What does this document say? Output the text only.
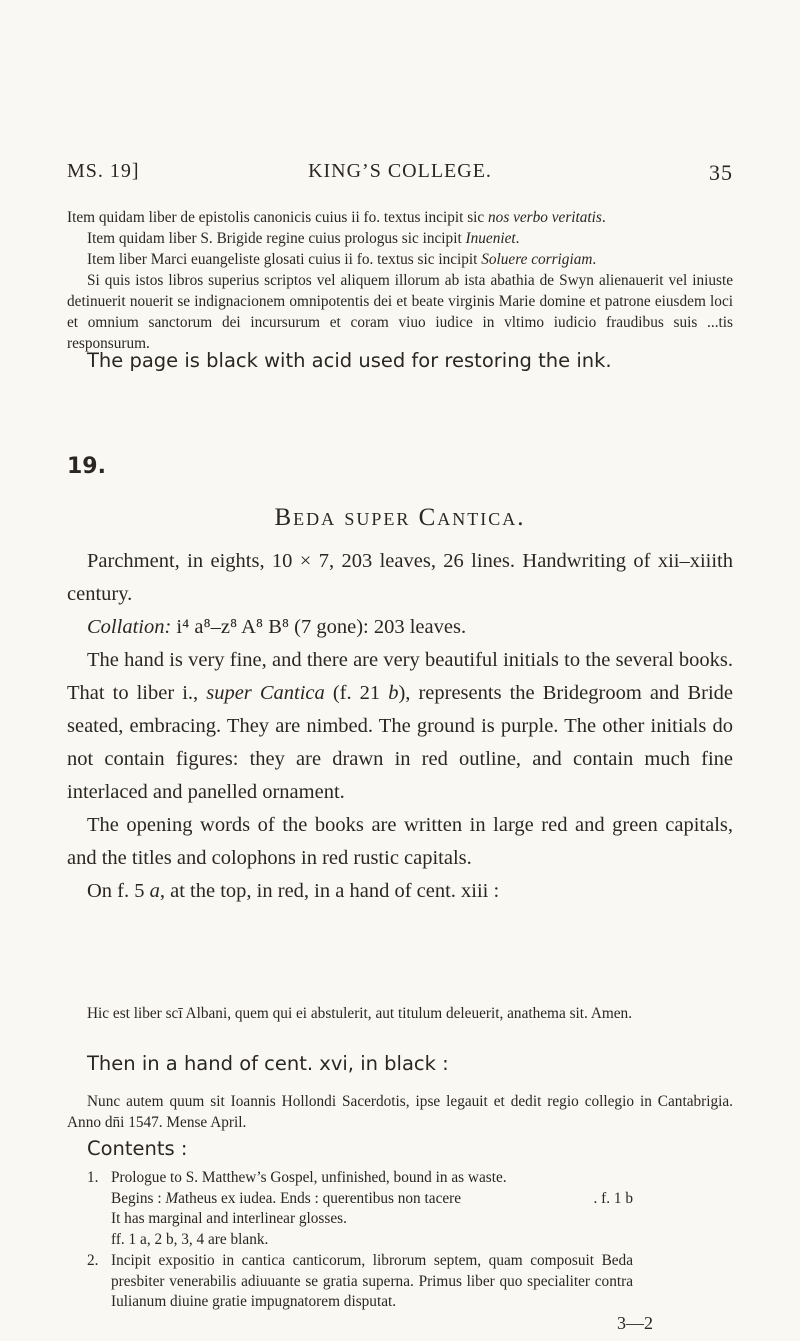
MS. 19]	KING’S COLLEGE.	35

Item quidam liber de epistolis canonicis cuius ii fo. textus incipit sic nos verbo veritatis.

Item quidam liber S. Brigide regine cuius prologus sic incipit Inueniet.

Item liber Marci euangeliste glosati cuius ii fo. textus sic incipit Soluere corrigiam.

Si quis istos libros superius scriptos vel aliquem illorum ab ista abathia de Swyn alienauerit vel iniuste detinuerit nouerit se indignacionem omnipotentis dei et beate virginis Marie domine et patrone eiusdem loci et omnium sanctorum dei incursurum et coram viuo iudice in vltimo iudicio fraudibus suis ...tis responsurum.

The page is black with acid used for restoring the ink.
19.
Beda super Cantica.

Parchment, in eights, 10 × 7, 203 leaves, 26 lines. Handwriting of xii–xiiith century.

Collation: i⁴ a⁸–z⁸ A⁸ B⁸ (7 gone): 203 leaves.

The hand is very fine, and there are very beautiful initials to the several books. That to liber i., super Cantica (f. 21 b), represents the Bridegroom and Bride seated, embracing. They are nimbed. The ground is purple. The other initials do not contain figures: they are drawn in red outline, and contain much fine interlaced and panelled ornament.

The opening words of the books are written in large red and green capitals, and the titles and colophons in red rustic capitals.

On f. 5 a, at the top, in red, in a hand of cent. xiii :

Hic est liber scī Albani, quem qui ei abstulerit, aut titulum deleuerit, anathema sit. Amen.

Then in a hand of cent. xvi, in black :

Nunc autem quum sit Ioannis Hollondi Sacerdotis, ipse legauit et dedit regio collegio in Cantabrigia. Anno dn̄i 1547. Mense April.

Contents :
1. Prologue to S. Matthew’s Gospel, unfinished, bound in as waste.
Begins : Matheus ex iudea. Ends : querentibus non tacere	. f. 1 b
It has marginal and interlinear glosses.
ff. 1 a, 2 b, 3, 4 are blank.
2. Incipit expositio in cantica canticorum, librorum septem, quam composuit Beda presbiter venerabilis adiuuante se gratia superna. Primus liber quo specialiter contra Iulianum diuine gratie impugnatorem disputat.
3—2
